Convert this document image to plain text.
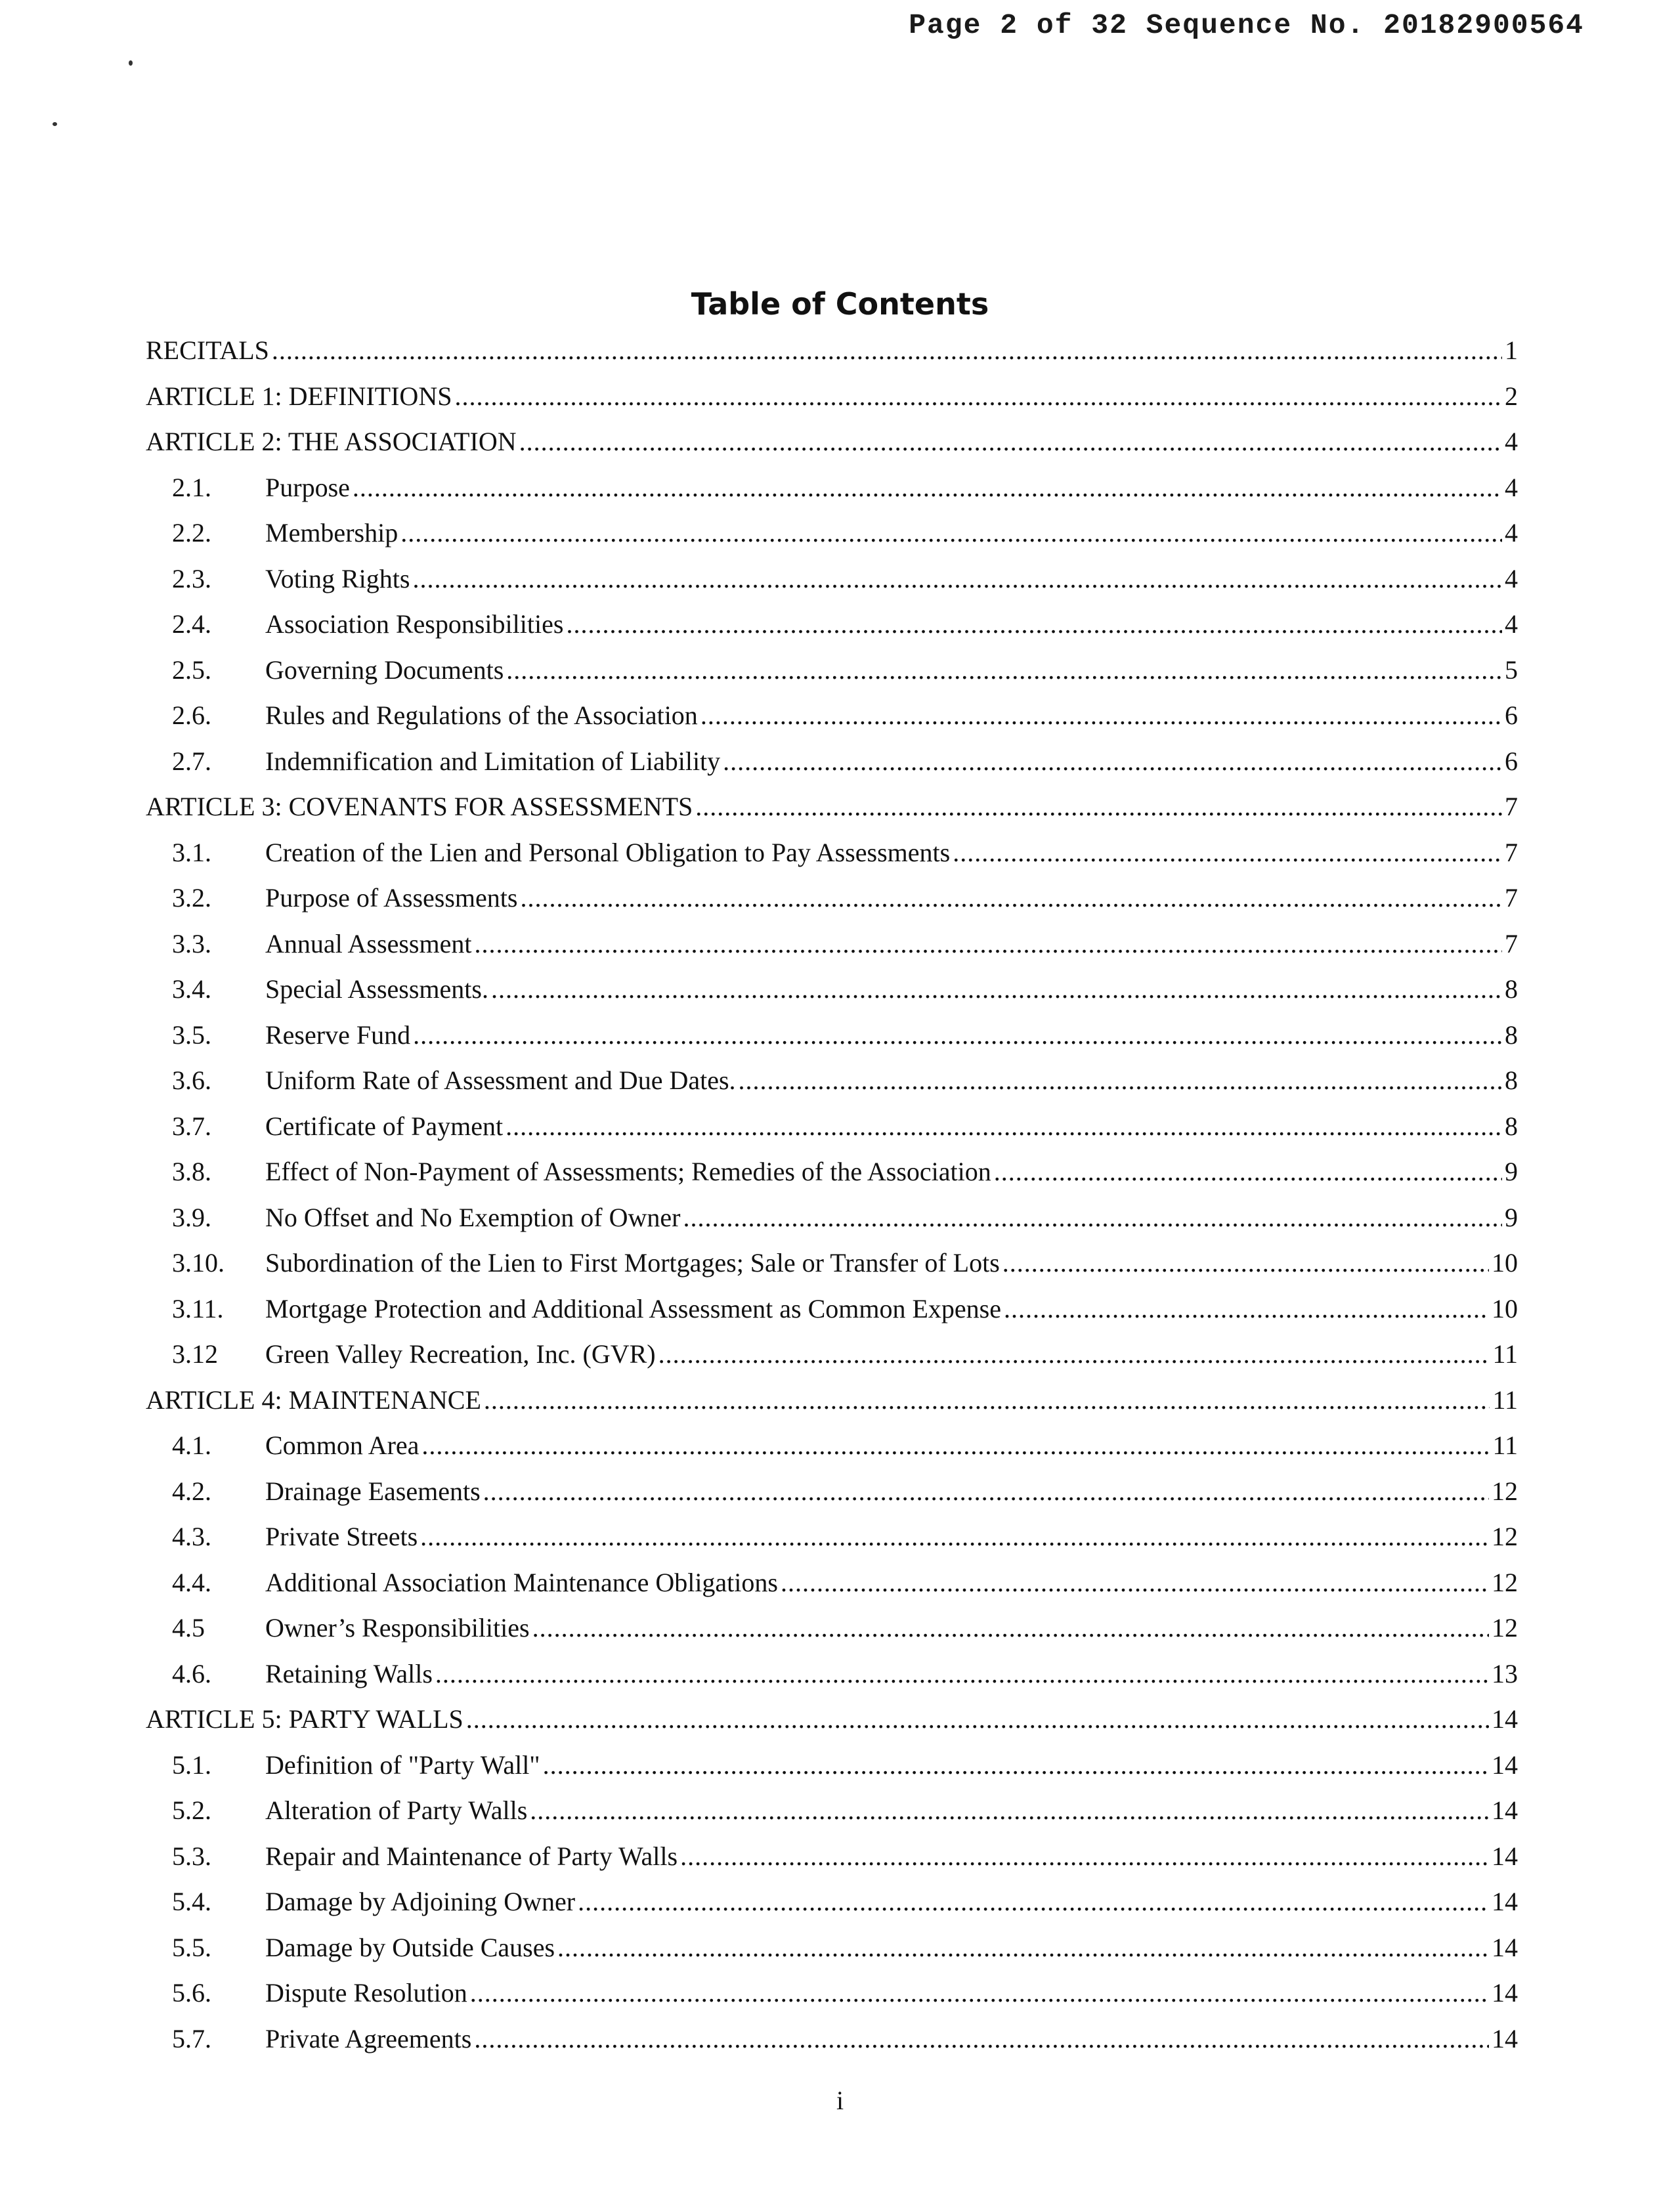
Page 2 of 32 Sequence No. 20182900564
Table of Contents
RECITALS .....	1
ARTICLE 1: DEFINITIONS .....	2
ARTICLE 2: THE ASSOCIATION .....	4
2.1.	Purpose .....	4
2.2.	Membership .....	4
2.3.	Voting Rights .....	4
2.4.	Association Responsibilities .....	4
2.5.	Governing Documents .....	5
2.6.	Rules and Regulations of the Association .....	6
2.7.	Indemnification and Limitation of Liability .....	6
ARTICLE 3: COVENANTS FOR ASSESSMENTS .....	7
3.1.	Creation of the Lien and Personal Obligation to Pay Assessments .....	7
3.2.	Purpose of Assessments .....	7
3.3.	Annual Assessment .....	7
3.4.	Special Assessments. .....	8
3.5.	Reserve Fund .....	8
3.6.	Uniform Rate of Assessment and Due Dates. .....	8
3.7.	Certificate of Payment .....	8
3.8.	Effect of Non-Payment of Assessments; Remedies of the Association .....	9
3.9.	No Offset and No Exemption of Owner .....	9
3.10.	Subordination of the Lien to First Mortgages; Sale or Transfer of Lots .....	10
3.11.	Mortgage Protection and Additional Assessment as Common Expense .....	10
3.12	Green Valley Recreation, Inc. (GVR) .....	11
ARTICLE 4: MAINTENANCE .....	11
4.1.	Common Area .....	11
4.2.	Drainage Easements .....	12
4.3.	Private Streets .....	12
4.4.	Additional Association Maintenance Obligations .....	12
4.5	Owner’s Responsibilities .....	12
4.6.	Retaining Walls .....	13
ARTICLE 5: PARTY WALLS .....	14
5.1.	Definition of "Party Wall" .....	14
5.2.	Alteration of Party Walls .....	14
5.3.	Repair and Maintenance of Party Walls .....	14
5.4.	Damage by Adjoining Owner .....	14
5.5.	Damage by Outside Causes .....	14
5.6.	Dispute Resolution .....	14
5.7.	Private Agreements .....	14
i
